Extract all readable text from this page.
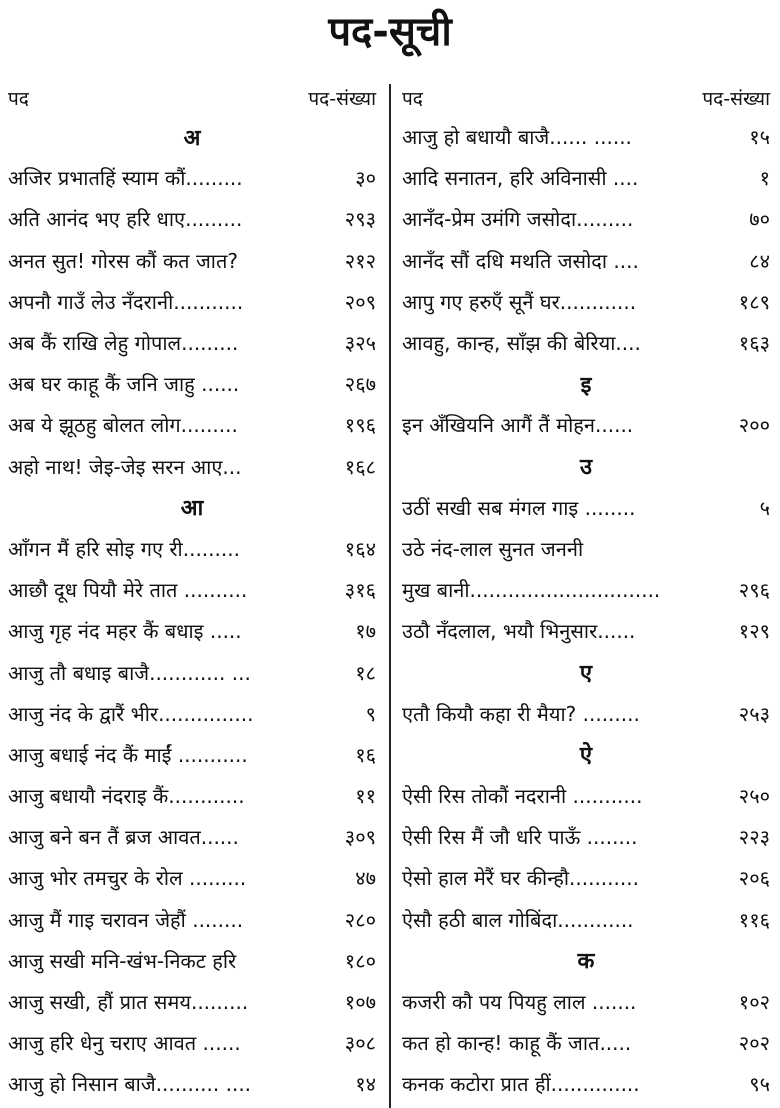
पद-सूची
पद	पद-संख्या
अ
अजिर प्रभातहिं स्याम कौं.........	३०
अति आनंद भए हरि धाए.........	२९३
अनत सुत! गोरस कौं कत जात?	२१२
अपनौ गाउँ लेउ नँदरानी...........	२०९
अब कैं राखि लेहु गोपाल.........	३२५
अब घर काहू कैं जनि जाहु ......	२६७
अब ये झूठहु बोलत लोग.........	१९६
अहो नाथ! जेइ-जेइ सरन आए...	१६८
आ
आँगन मैं हरि सोइ गए री.........	१६४
आछौ दूध पियौ मेरे तात ..........	३१६
आजु गृह नंद महर कैं बधाइ .....	१७
आजु तौ बधाइ बाजै............ ...	१८
आजु नंद के द्वारैं भीर...............	९
आजु बधाई नंद कैं माईं ...........	१६
आजु बधायौ नंदराइ कैं............	११
आजु बने बन तैं ब्रज आवत......	३०९
आजु भोर तमचुर के रोल .........	४७
आजु मैं गाइ चरावन जेहौं ........	२८०
आजु सखी मनि-खंभ-निकट हरि	१८०
आजु सखी, हौं प्रात समय.........	१०७
आजु हरि धेनु चराए आवत ......	३०८
आजु हो निसान बाजै.......... ....	१४
पद	पद-संख्या
आजु हो बधायौ बाजै...... ......	१५
आदि सनातन, हरि अविनासी ....	१
आनँद-प्रेम उमंगि जसोदा.........	७०
आनँद सौं दधि मथति जसोदा ....	८४
आपु गए हरुएँ सूनैं घर............	१८९
आवहु, कान्ह, साँझ की बेरिया....	१६३
इ
इन अँखियनि आगैं तैं मोहन......	२००
उ
उठीं सखी सब मंगल गाइ ........	५
उठे नंद-लाल सुनत जननी
मुख बानी..............................	२९६
उठौ नँदलाल, भयौ भिनुसार......	१२९
ए
एतौ कियौ कहा री मैया? .........	२५३
ऐ
ऐसी रिस तोकौं नदरानी ...........	२५०
ऐसी रिस मैं जौ धरि पाऊँ ........	२२३
ऐसो हाल मेरैं घर कीन्हौ...........	२०६
ऐसौ हठी बाल गोबिंदा............	११६
क
कजरी कौ पय पियहु लाल .......	१०२
कत हो कान्ह! काहू कैं जात.....	२०२
कनक कटोरा प्रात हीं..............	९५
